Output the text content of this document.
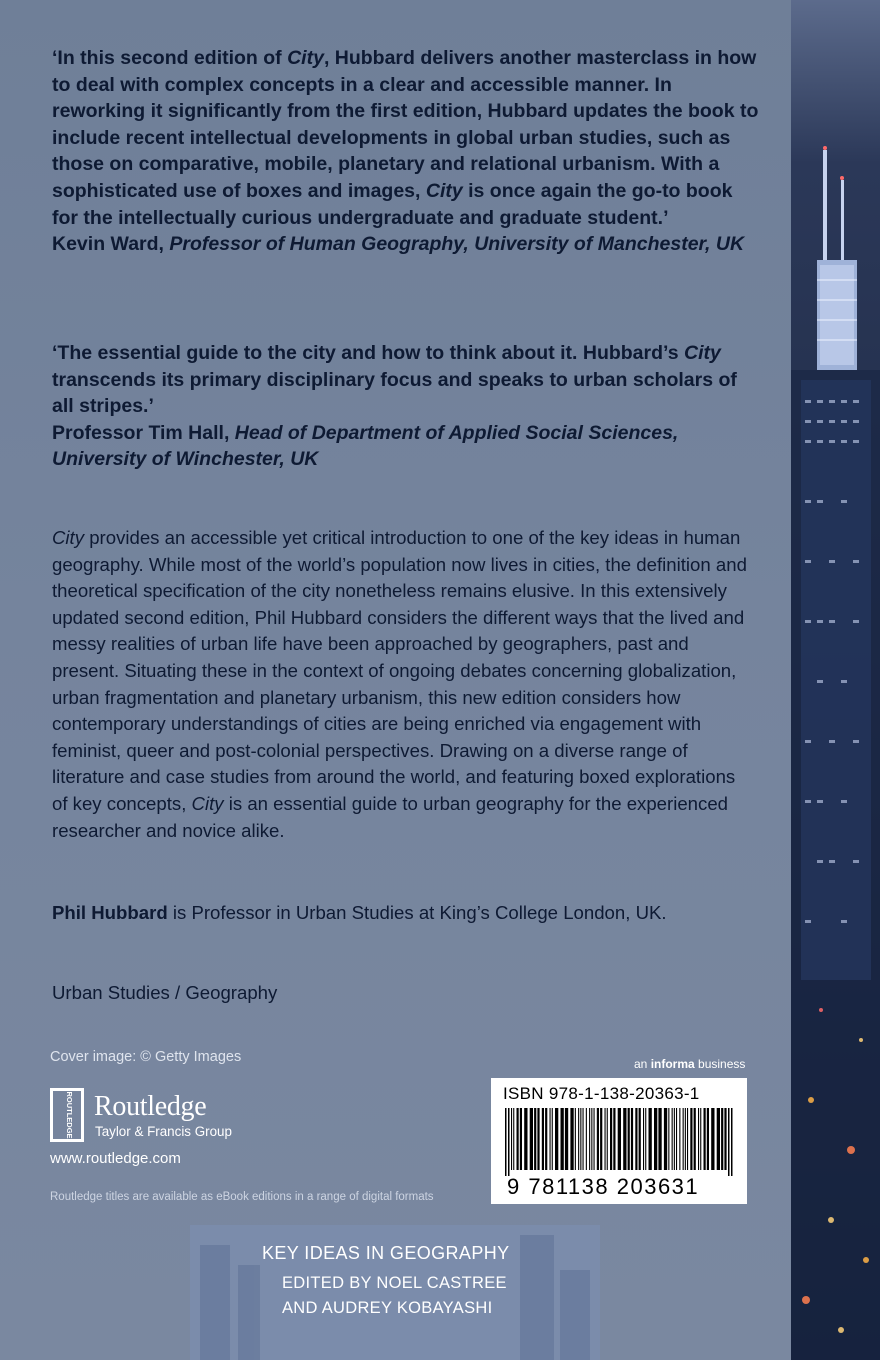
‘In this second edition of City, Hubbard delivers another masterclass in how to deal with complex concepts in a clear and accessible manner. In reworking it significantly from the first edition, Hubbard updates the book to include recent intellectual developments in global urban studies, such as those on comparative, mobile, planetary and relational urbanism. With a sophisticated use of boxes and images, City is once again the go-to book for the intellectually curious undergraduate and graduate student.’
Kevin Ward, Professor of Human Geography, University of Manchester, UK
‘The essential guide to the city and how to think about it. Hubbard’s City transcends its primary disciplinary focus and speaks to urban scholars of all stripes.’
Professor Tim Hall, Head of Department of Applied Social Sciences, University of Winchester, UK
City provides an accessible yet critical introduction to one of the key ideas in human geography. While most of the world’s population now lives in cities, the definition and theoretical specification of the city nonetheless remains elusive. In this extensively updated second edition, Phil Hubbard considers the different ways that the lived and messy realities of urban life have been approached by geographers, past and present. Situating these in the context of ongoing debates concerning globalization, urban fragmentation and planetary urbanism, this new edition considers how contemporary understandings of cities are being enriched via engagement with feminist, queer and post-colonial perspectives. Drawing on a diverse range of literature and case studies from around the world, and featuring boxed explorations of key concepts, City is an essential guide to urban geography for the experienced researcher and novice alike.
Phil Hubbard is Professor in Urban Studies at King’s College London, UK.
Urban Studies / Geography
Cover image: © Getty Images	an informa business
ROUTLEDGE Routledge
Taylor & Francis Group
www.routledge.com
Routledge titles are available as eBook editions in a range of digital formats
ISBN 978-1-138-20363-1
9 781138 203631
KEY IDEAS IN GEOGRAPHY
EDITED BY NOEL CASTREE
AND AUDREY KOBAYASHI
